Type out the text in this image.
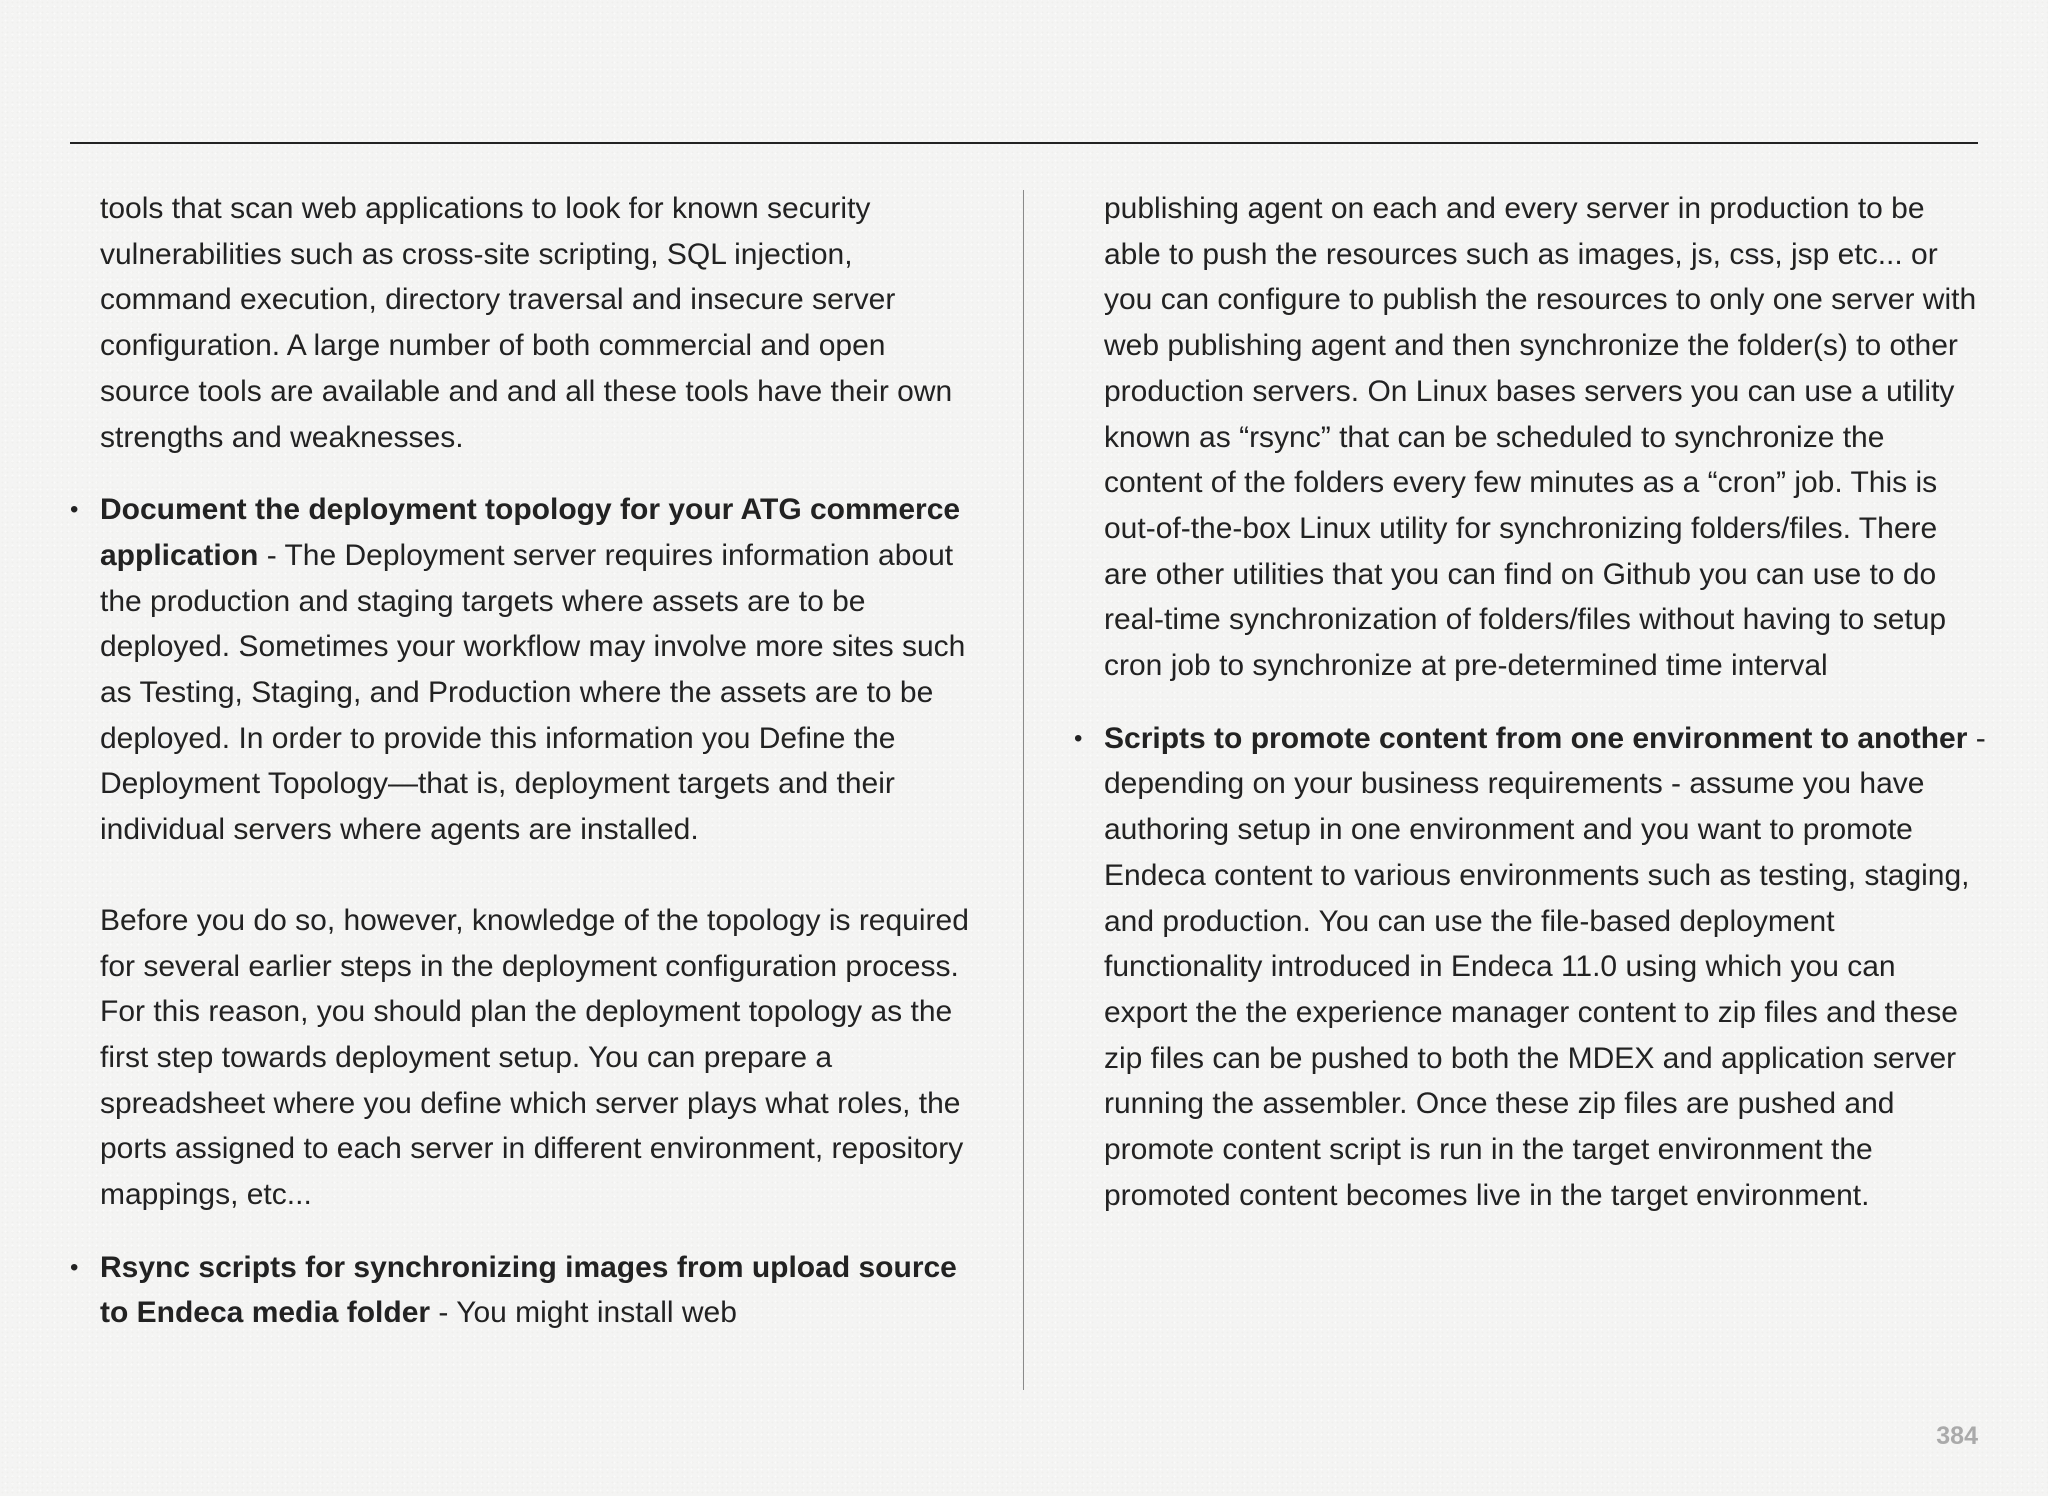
tools that scan web applications to look for known security vulnerabilities such as cross-site scripting, SQL injection, command execution, directory traversal and insecure server configuration. A large number of both commercial and open source tools are available and and all these tools have their own strengths and weaknesses.

• Document the deployment topology for your ATG commerce application - The Deployment server requires information about the production and staging targets where assets are to be deployed. Sometimes your workflow may involve more sites such as Testing, Staging, and Production where the assets are to be deployed. In order to provide this information you Define the Deployment Topology—that is, deployment targets and their individual servers where agents are installed.

Before you do so, however, knowledge of the topology is required for several earlier steps in the deployment configuration process. For this reason, you should plan the deployment topology as the first step towards deployment setup. You can prepare a spreadsheet where you define which server plays what roles, the ports assigned to each server in different environment, repository mappings, etc...

• Rsync scripts for synchronizing images from upload source to Endeca media folder - You might install web

publishing agent on each and every server in production to be able to push the resources such as images, js, css, jsp etc... or you can configure to publish the resources to only one server with web publishing agent and then synchronize the folder(s) to other production servers. On Linux bases servers you can use a utility known as “rsync” that can be scheduled to synchronize the content of the folders every few minutes as a “cron” job. This is out-of-the-box Linux utility for synchronizing folders/files. There are other utilities that you can find on Github you can use to do real-time synchronization of folders/files without having to setup cron job to synchronize at pre-determined time interval

• Scripts to promote content from one environment to another - depending on your business requirements - assume you have authoring setup in one environment and you want to promote Endeca content to various environments such as testing, staging, and production. You can use the file-based deployment functionality introduced in Endeca 11.0 using which you can export the the experience manager content to zip files and these zip files can be pushed to both the MDEX and application server running the assembler. Once these zip files are pushed and promote content script is run in the target environment the promoted content becomes live in the target environment.

384
